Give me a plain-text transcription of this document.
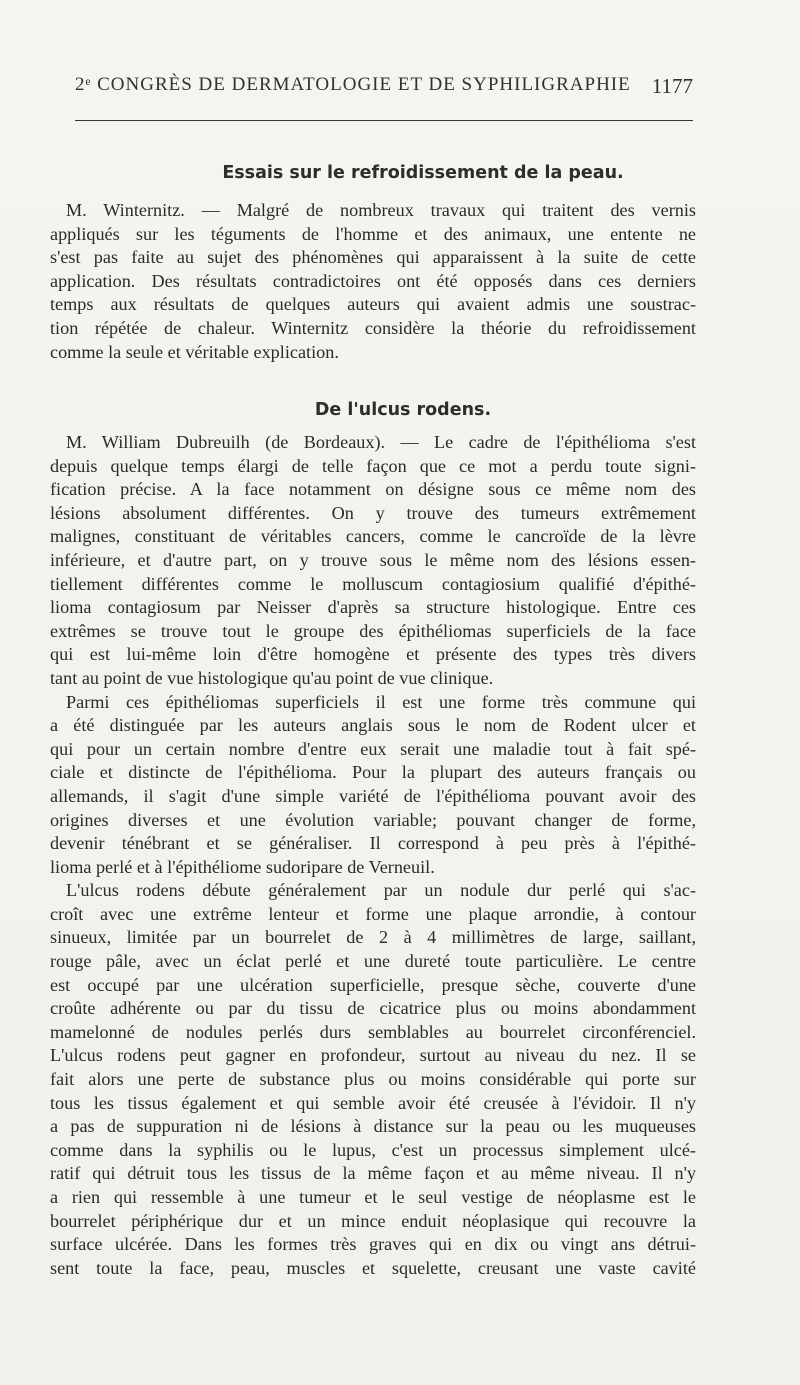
2ᵉ CONGRÈS DE DERMATOLOGIE ET DE SYPHILIGRAPHIE 1177
Essais sur le refroidissement de la peau.
M. Winternitz. — Malgré de nombreux travaux qui traitent des vernis
appliqués sur les téguments de l'homme et des animaux, une entente ne
s'est pas faite au sujet des phénomènes qui apparaissent à la suite de cette
application. Des résultats contradictoires ont été opposés dans ces derniers
temps aux résultats de quelques auteurs qui avaient admis une soustrac-
tion répétée de chaleur. Winternitz considère la théorie du refroidissement
comme la seule et véritable explication.
De l'ulcus rodens.
M. William Dubreuilh (de Bordeaux). — Le cadre de l'épithélioma s'est
depuis quelque temps élargi de telle façon que ce mot a perdu toute signi-
fication précise. A la face notamment on désigne sous ce même nom des
lésions absolument différentes. On y trouve des tumeurs extrêmement
malignes, constituant de véritables cancers, comme le cancroïde de la lèvre
inférieure, et d'autre part, on y trouve sous le même nom des lésions essen-
tiellement différentes comme le molluscum contagiosium qualifié d'épithé-
lioma contagiosum par Neisser d'après sa structure histologique. Entre ces
extrêmes se trouve tout le groupe des épithéliomas superficiels de la face
qui est lui-même loin d'être homogène et présente des types très divers
tant au point de vue histologique qu'au point de vue clinique.
Parmi ces épithéliomas superficiels il est une forme très commune qui
a été distinguée par les auteurs anglais sous le nom de Rodent ulcer et
qui pour un certain nombre d'entre eux serait une maladie tout à fait spé-
ciale et distincte de l'épithélioma. Pour la plupart des auteurs français ou
allemands, il s'agit d'une simple variété de l'épithélioma pouvant avoir des
origines diverses et une évolution variable; pouvant changer de forme,
devenir ténébrant et se généraliser. Il correspond à peu près à l'épithé-
lioma perlé et à l'épithéliome sudoripare de Verneuil.
L'ulcus rodens débute généralement par un nodule dur perlé qui s'ac-
croît avec une extrême lenteur et forme une plaque arrondie, à contour
sinueux, limitée par un bourrelet de 2 à 4 millimètres de large, saillant,
rouge pâle, avec un éclat perlé et une dureté toute particulière. Le centre
est occupé par une ulcération superficielle, presque sèche, couverte d'une
croûte adhérente ou par du tissu de cicatrice plus ou moins abondamment
mamelonné de nodules perlés durs semblables au bourrelet circonférenciel.
L'ulcus rodens peut gagner en profondeur, surtout au niveau du nez. Il se
fait alors une perte de substance plus ou moins considérable qui porte sur
tous les tissus également et qui semble avoir été creusée à l'évidoir. Il n'y
a pas de suppuration ni de lésions à distance sur la peau ou les muqueuses
comme dans la syphilis ou le lupus, c'est un processus simplement ulcé-
ratif qui détruit tous les tissus de la même façon et au même niveau. Il n'y
a rien qui ressemble à une tumeur et le seul vestige de néoplasme est le
bourrelet périphérique dur et un mince enduit néoplasique qui recouvre la
surface ulcérée. Dans les formes très graves qui en dix ou vingt ans détrui-
sent toute la face, peau, muscles et squelette, creusant une vaste cavité
